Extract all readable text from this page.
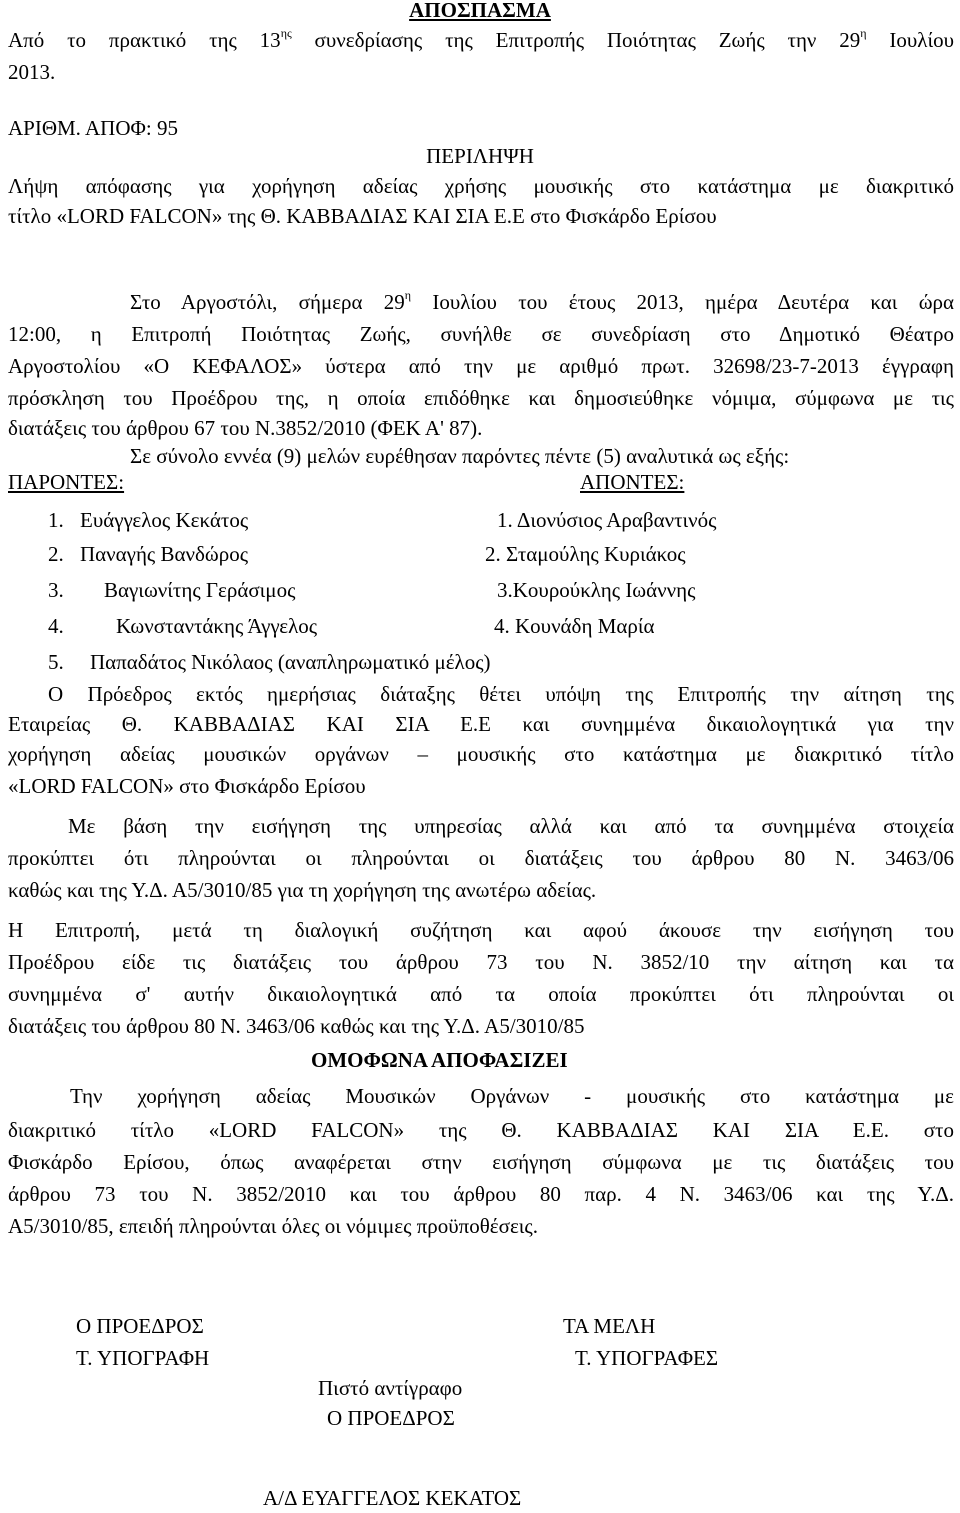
ΑΠΟΣΠΑΣΜΑ
Από το πρακτικό της $13^{\eta\varsigma}$ συνεδρίασης της Επιτροπής Ποιότητας Ζωής την $29^\eta$ Ιουλίου
2013.
ΑΡΙΘΜ. ΑΠΟΦ: 95
ΠΕΡΙΛΗΨΗ
Λήψη απόφασης για χορήγηση αδείας χρήσης μουσικής στο κατάστημα με διακριτικό
τίτλο «LORD FALCON» της Θ. ΚΑΒΒΑΔΙΑΣ ΚΑΙ ΣΙΑ Ε.Ε στο Φισκάρδο Ερίσου
Στο Αργοστόλι, σήμερα $29^\eta$ Ιουλίου του έτους 2013, ημέρα Δευτέρα και ώρα
12:00, η Επιτροπή Ποιότητας Ζωής, συνήλθε σε συνεδρίαση στο Δημοτικό Θέατρο
Αργοστολίου «Ο ΚΕΦΑΛΟΣ» ύστερα από την με αριθμό πρωτ. 32698/23-7-2013 έγγραφη
πρόσκληση του Προέδρου της, η οποία επιδόθηκε και δημοσιεύθηκε νόμιμα, σύμφωνα με τις
διατάξεις του άρθρου 67 του Ν.3852/2010 (ΦΕΚ Α' 87).
Σε σύνολο εννέα (9) μελών ευρέθησαν παρόντες πέντε (5) αναλυτικά ως εξής:
ΠΑΡΟΝΤΕΣ:	ΑΠΟΝΤΕΣ:
1. Ευάγγελος Κεκάτος
2. Παναγής Βανδώρος
3. Βαγιωνίτης Γεράσιμος
4. Κωνσταντάκης Άγγελος
5. Παπαδάτος Νικόλαος (αναπληρωματικό μέλος)
1. Διονύσιος Αραβαντινός
2. Σταμούλης Κυριάκος
3.Κουρούκλης Ιωάννης
4. Κουνάδη Μαρία
Ο Πρόεδρος εκτός ημερήσιας διάταξης θέτει υπόψη της Επιτροπής την αίτηση της
Εταιρείας Θ. ΚΑΒΒΑΔΙΑΣ ΚΑΙ ΣΙΑ Ε.Ε και συνημμένα δικαιολογητικά για την
χορήγηση αδείας μουσικών οργάνων – μουσικής στο κατάστημα με διακριτικό τίτλο
«LORD FALCON» στο Φισκάρδο Ερίσου
Με βάση την εισήγηση της υπηρεσίας αλλά και από τα συνημμένα στοιχεία
προκύπτει ότι πληρούνται οι πληρούνται οι διατάξεις του άρθρου 80 Ν. 3463/06
καθώς και της Υ.Δ. Α5/3010/85 για τη χορήγηση της ανωτέρω αδείας.
Η Επιτροπή, μετά τη διαλογική συζήτηση και αφού άκουσε την εισήγηση του
Προέδρου είδε τις διατάξεις του άρθρου 73 του Ν. 3852/10 την αίτηση και τα
συνημμένα σ' αυτήν δικαιολογητικά από τα οποία προκύπτει ότι πληρούνται οι
διατάξεις του άρθρου 80 Ν. 3463/06 καθώς και της Υ.Δ. Α5/3010/85
ΟΜΟΦΩΝΑ ΑΠΟΦΑΣΙΖΕΙ
Την χορήγηση αδείας Μουσικών Οργάνων - μουσικής στο κατάστημα με
διακριτικό τίτλο «LORD FALCON» της Θ. ΚΑΒΒΑΔΙΑΣ ΚΑΙ ΣΙΑ Ε.Ε. στο
Φισκάρδο Ερίσου, όπως αναφέρεται στην εισήγηση σύμφωνα με τις διατάξεις του
άρθρου 73 του Ν. 3852/2010 και του άρθρου 80 παρ. 4 Ν. 3463/06 και της Υ.Δ.
Α5/3010/85, επειδή πληρούνται όλες οι νόμιμες προϋποθέσεις.
Ο ΠΡΟΕΔΡΟΣ
Τ. ΥΠΟΓΡΑΦΗ
ΤΑ ΜΕΛΗ
Τ. ΥΠΟΓΡΑΦΕΣ
Πιστό αντίγραφο
Ο ΠΡΟΕΔΡΟΣ
Α/Δ ΕΥΑΓΓΕΛΟΣ ΚΕΚΑΤΟΣ
